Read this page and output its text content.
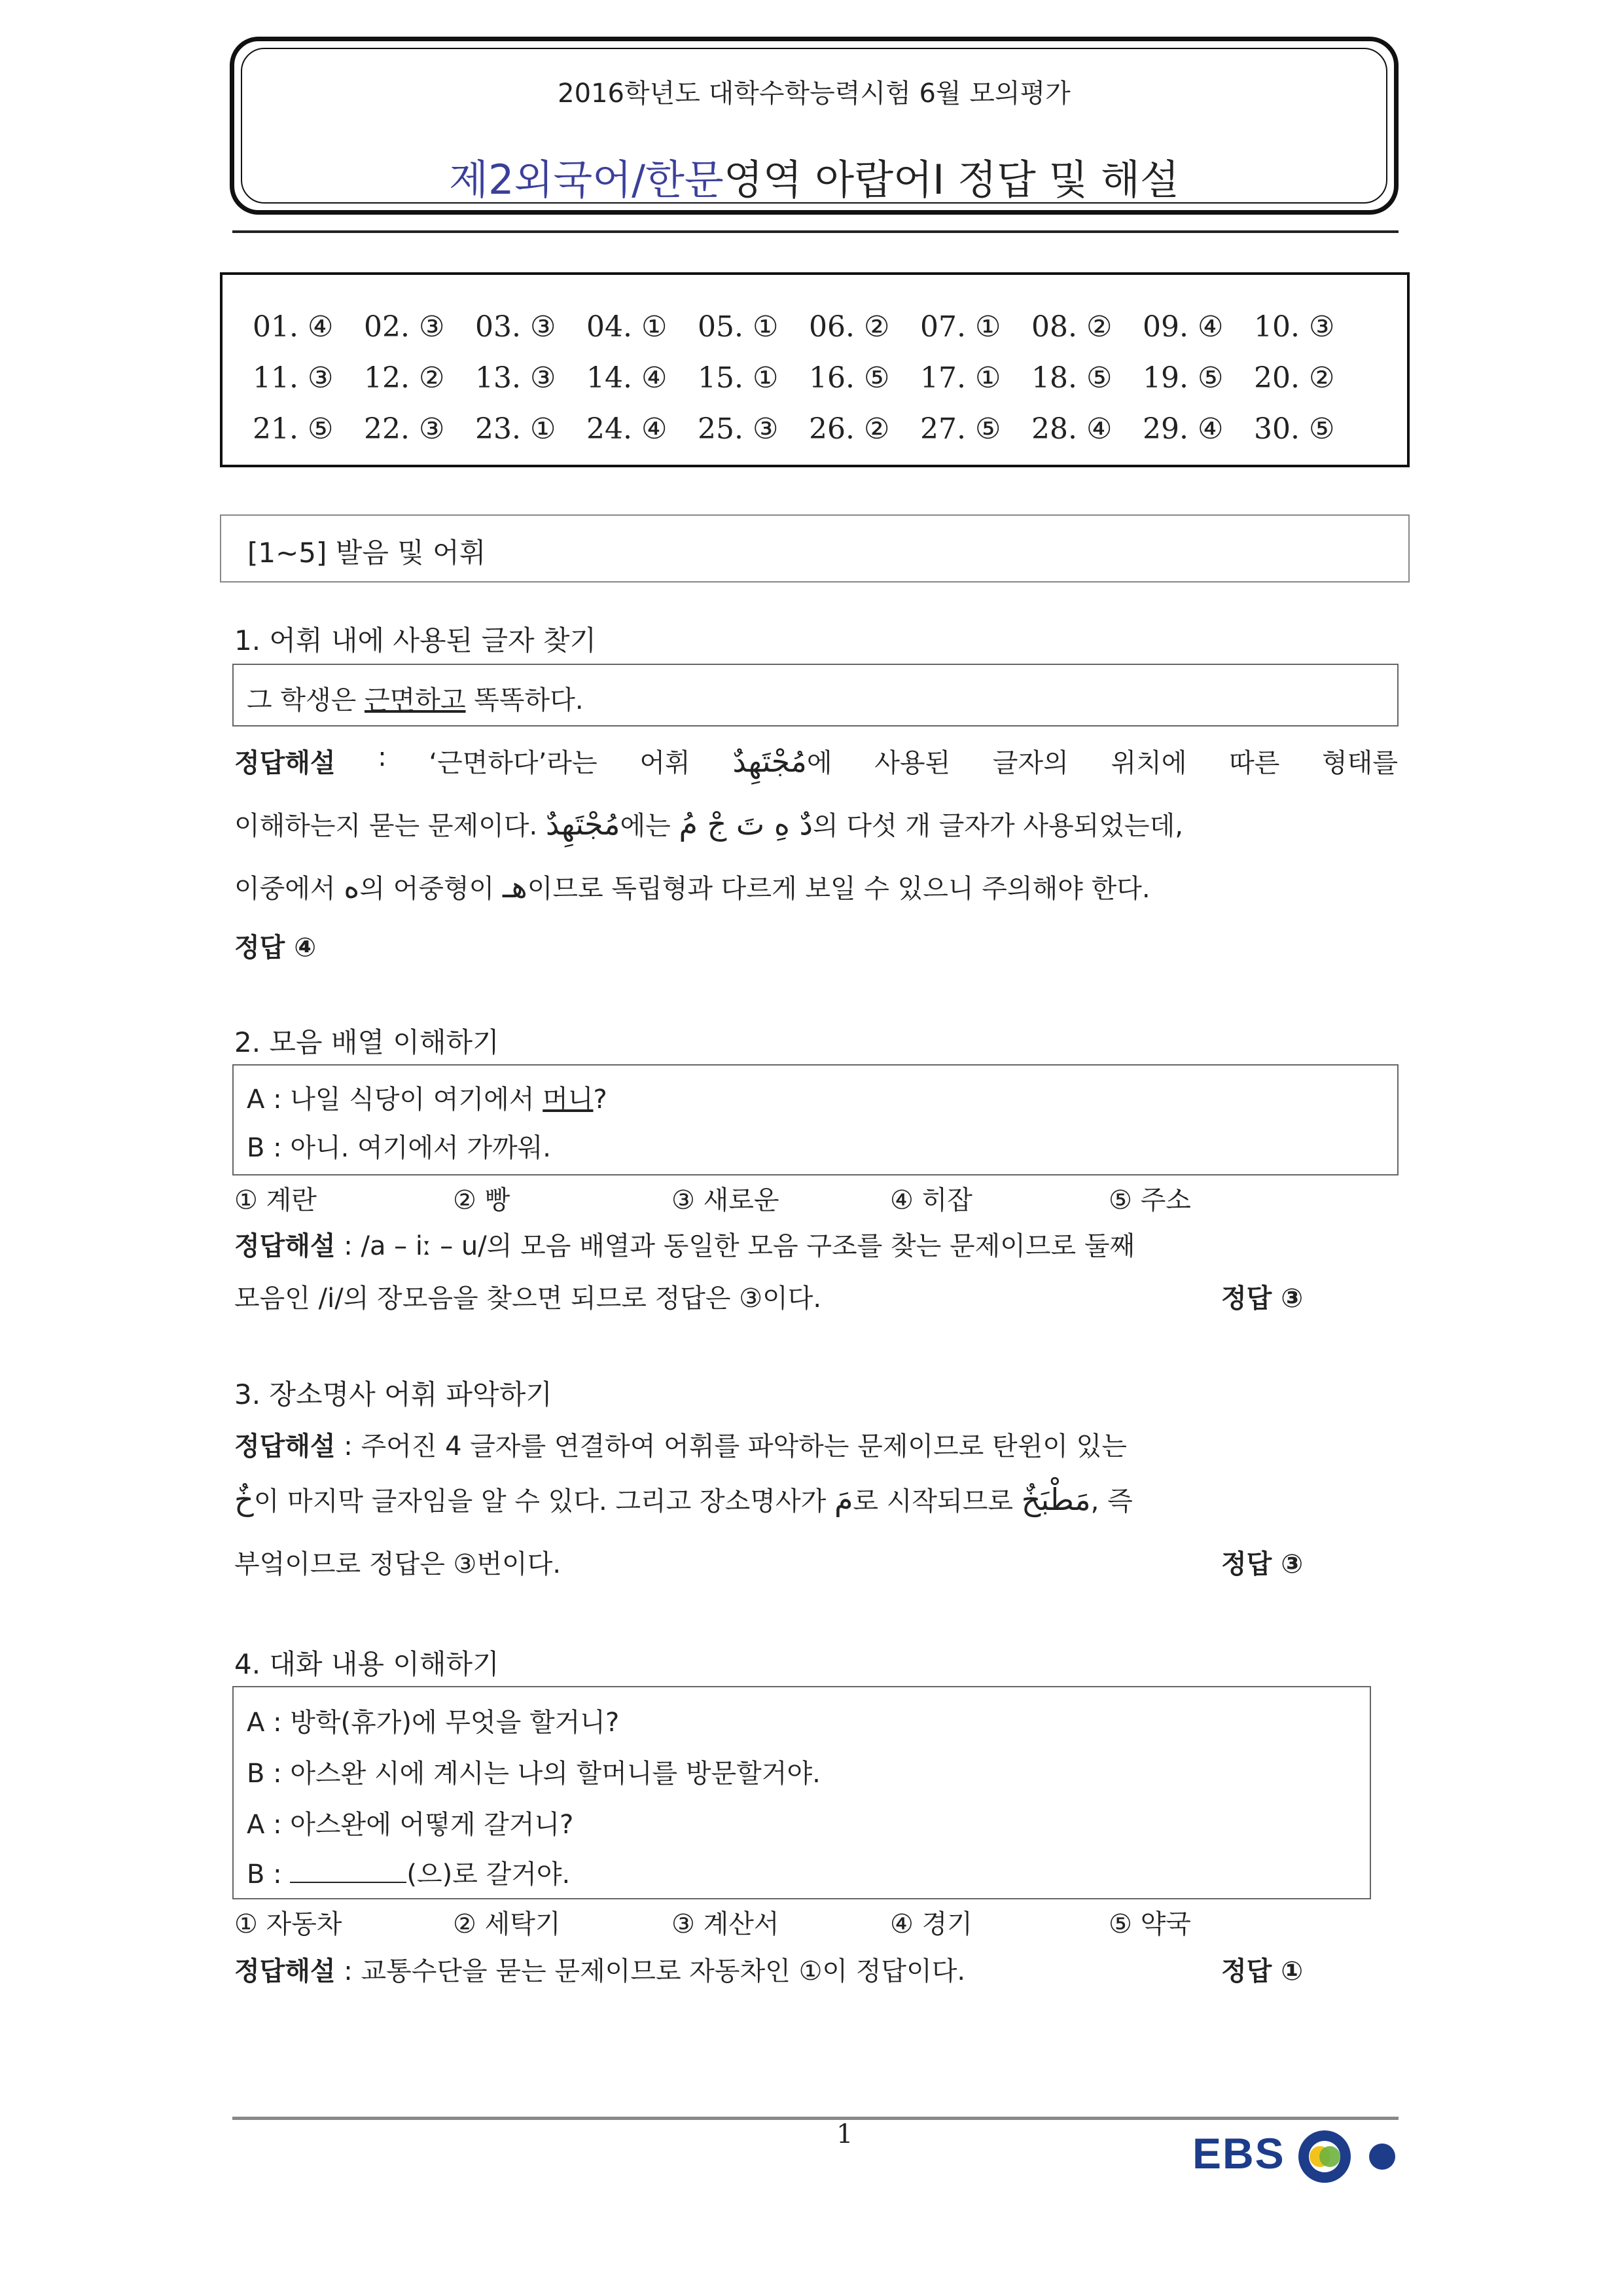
2016학년도 대학수학능력시험 6월 모의평가
제2외국어/한문영역 아랍어Ⅰ 정답 및 해설
01. ④ 02. ③ 03. ③ 04. ① 05. ① 06. ② 07. ① 08. ② 09. ④ 10. ③
11. ③ 12. ② 13. ③ 14. ④ 15. ① 16. ⑤ 17. ① 18. ⑤ 19. ⑤ 20. ②
21. ⑤ 22. ③ 23. ① 24. ④ 25. ③ 26. ② 27. ⑤ 28. ④ 29. ④ 30. ⑤
[1~5] 발음 및 어휘
1. 어휘 내에 사용된 글자 찾기
그 학생은 근면하고 똑똑하다.
정답해설 : ‘근면하다’라는 어휘 مُجْتَهِدٌ에 사용된 글자의 위치에 따른 형태를
이해하는지 묻는 문제이다. مُجْتَهِدٌ에는 دٌ هِ تَ جْ مُ의 다섯 개 글자가 사용되었는데,
이중에서 ه의 어중형이 هـ이므로 독립형과 다르게 보일 수 있으니 주의해야 한다.
정답 ④
2. 모음 배열 이해하기
A : 나일 식당이 여기에서 머니?
B : 아니. 여기에서 가까워.
① 계란	② 빵	③ 새로운	④ 히잡	⑤ 주소
정답해설 : /a – iː – u/의 모음 배열과 동일한 모음 구조를 찾는 문제이므로 둘째
모음인 /i/의 장모음을 찾으면 되므로 정답은 ③이다.	정답 ③
3. 장소명사 어휘 파악하기
정답해설 : 주어진 4 글자를 연결하여 어휘를 파악하는 문제이므로 탄윈이 있는
خٌ이 마지막 글자임을 알 수 있다. 그리고 장소명사가 مَ로 시작되므로 مَطْبَخٌ, 즉
부엌이므로 정답은 ③번이다.	정답 ③
4. 대화 내용 이해하기
A : 방학(휴가)에 무엇을 할거니?
B : 아스완 시에 계시는 나의 할머니를 방문할거야.
A : 아스완에 어떻게 갈거니?
B :	(으)로 갈거야.
① 자동차	② 세탁기	③ 계산서	④ 경기	⑤ 약국
정답해설 : 교통수단을 묻는 문제이므로 자동차인 ①이 정답이다.	정답 ①
1	EBS
